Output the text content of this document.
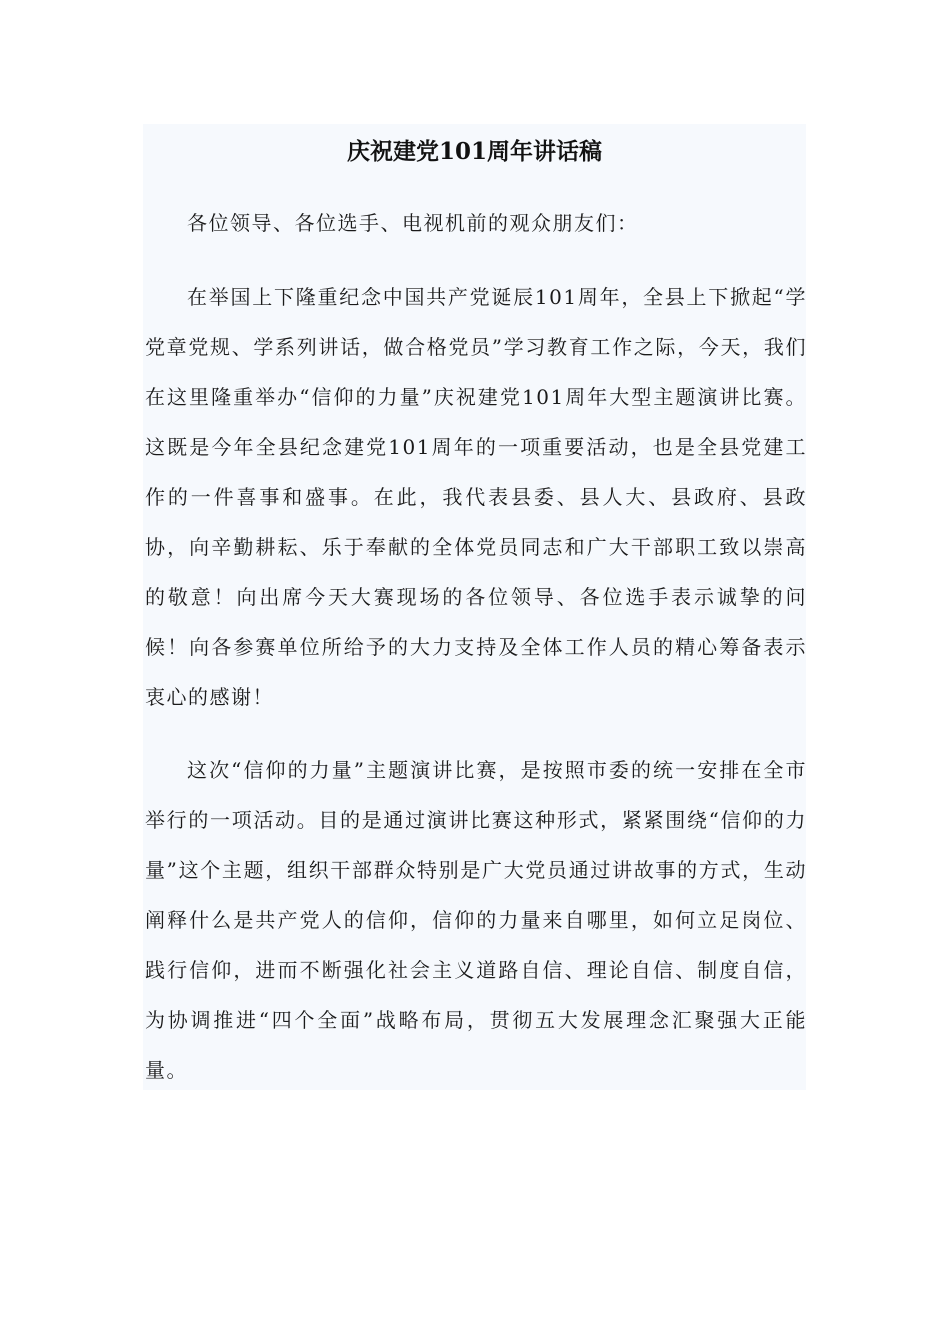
庆祝建党101周年讲话稿

各位领导、各位选手、电视机前的观众朋友们：

在举国上下隆重纪念中国共产党诞辰101周年，全县上下掀起“学党章党规、学系列讲话，做合格党员”学习教育工作之际，今天，我们在这里隆重举办“信仰的力量”庆祝建党101周年大型主题演讲比赛。这既是今年全县纪念建党101周年的一项重要活动，也是全县党建工作的一件喜事和盛事。在此，我代表县委、县人大、县政府、县政协，向辛勤耕耘、乐于奉献的全体党员同志和广大干部职工致以崇高的敬意！向出席今天大赛现场的各位领导、各位选手表示诚挚的问候！向各参赛单位所给予的大力支持及全体工作人员的精心筹备表示衷心的感谢！

这次“信仰的力量”主题演讲比赛，是按照市委的统一安排在全市举行的一项活动。目的是通过演讲比赛这种形式，紧紧围绕“信仰的力量”这个主题，组织干部群众特别是广大党员通过讲故事的方式，生动阐释什么是共产党人的信仰，信仰的力量来自哪里，如何立足岗位、践行信仰，进而不断强化社会主义道路自信、理论自信、制度自信，为协调推进“四个全面”战略布局，贯彻五大发展理念汇聚强大正能量。
